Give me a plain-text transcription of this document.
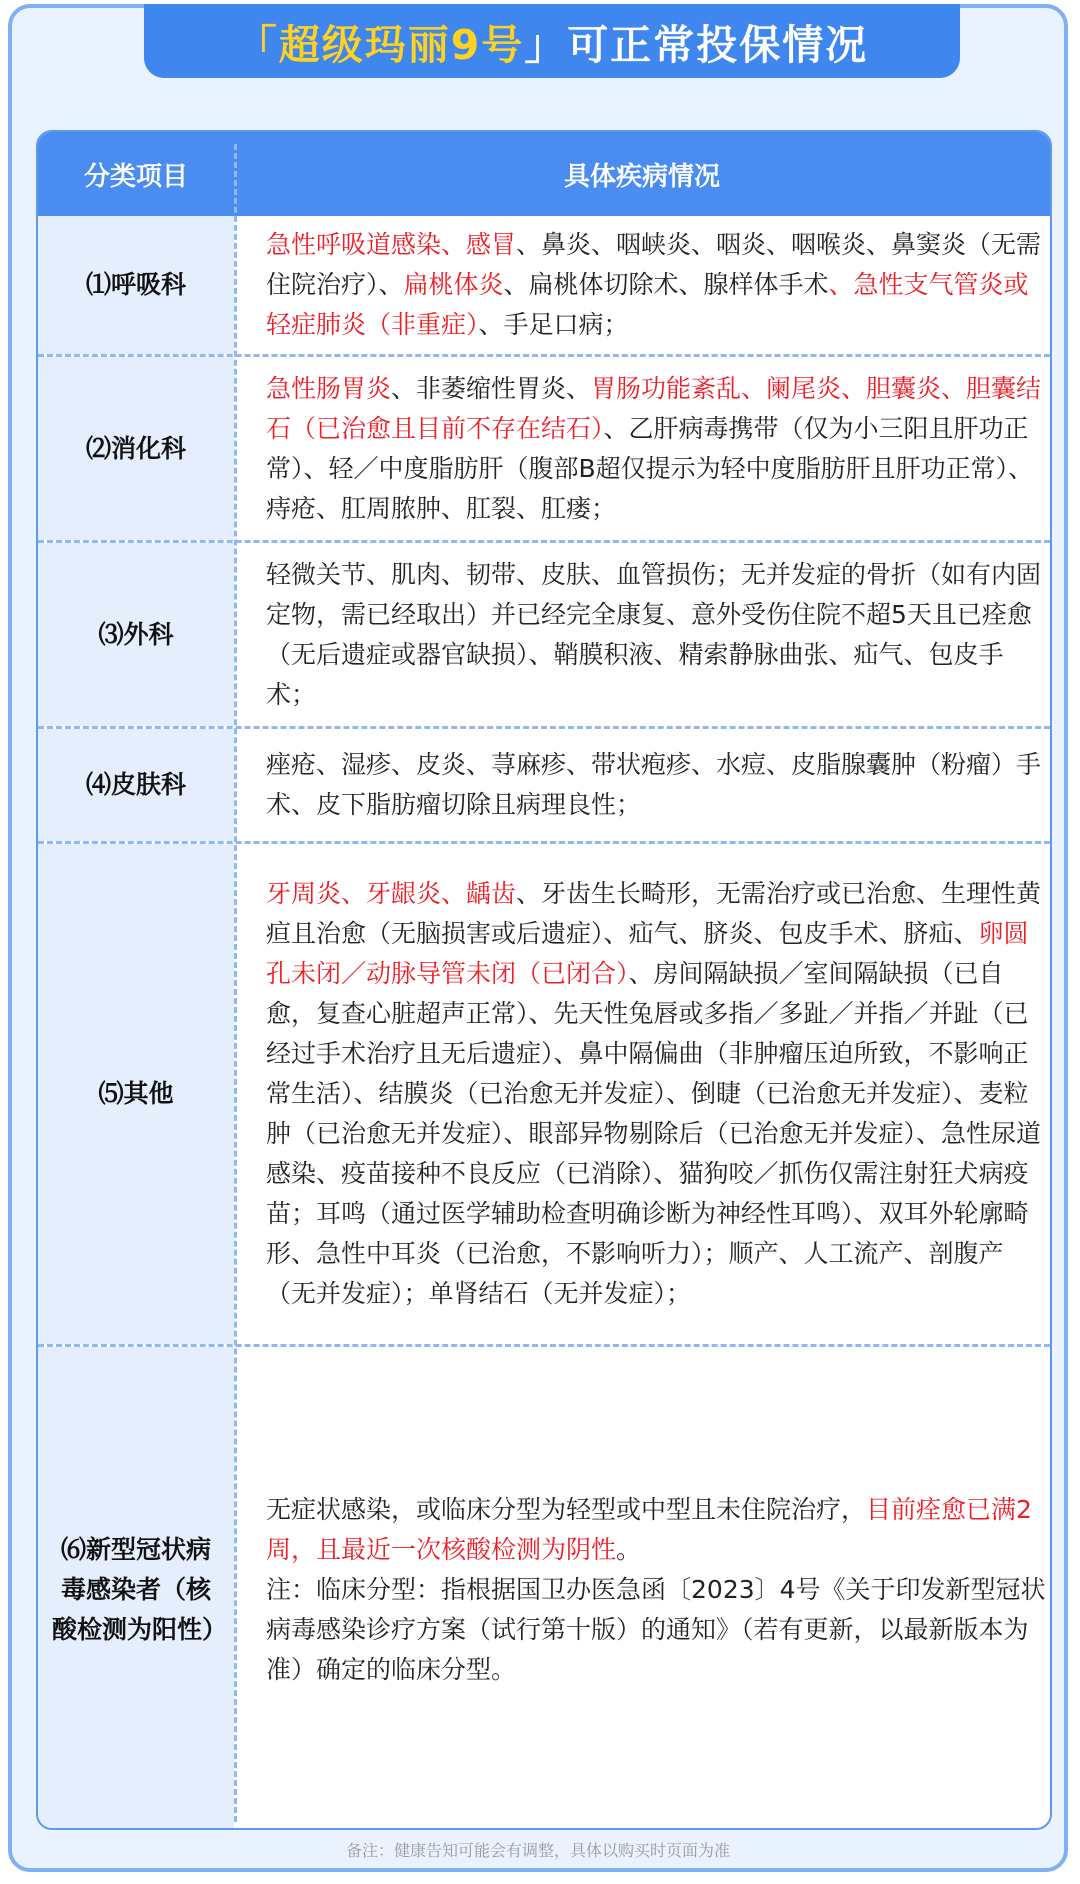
「 超级玛丽9号 」可正常投保情况
分类项目	具体疾病情况
⑴呼吸科

急性呼吸道感染、感冒、鼻炎、咽峡炎、咽炎、咽喉炎、鼻窦炎（无需住院治疗）、扁桃体炎、扁桃体切除术、腺样体手术、急性支气管炎或轻症肺炎（非重症）、手足口病；

⑵消化科

急性肠胃炎、非萎缩性胃炎、胃肠功能紊乱、阑尾炎、胆囊炎、胆囊结石（已治愈且目前不存在结石）、乙肝病毒携带（仅为小三阳且肝功正常）、轻／中度脂肪肝（腹部B超仅提示为轻中度脂肪肝且肝功正常）、痔疮、肛周脓肿、肛裂、肛瘘；

⑶外科

轻微关节、肌肉、韧带、皮肤、血管损伤；无并发症的骨折（如有内固定物，需已经取出）并已经完全康复、意外受伤住院不超5天且已痊愈（无后遗症或器官缺损）、鞘膜积液、精索静脉曲张、疝气、包皮手术；

⑷皮肤科

痤疮、湿疹、皮炎、荨麻疹、带状疱疹、水痘、皮脂腺囊肿（粉瘤）手术、皮下脂肪瘤切除且病理良性；

⑸其他

牙周炎、牙龈炎、龋齿、牙齿生长畸形，无需治疗或已治愈、生理性黄疸且治愈（无脑损害或后遗症）、疝气、脐炎、包皮手术、脐疝、卵圆孔未闭／动脉导管未闭（已闭合）、房间隔缺损／室间隔缺损（已自愈，复查心脏超声正常）、先天性兔唇或多指／多趾／并指／并趾（已经过手术治疗且无后遗症）、鼻中隔偏曲（非肿瘤压迫所致，不影响正常生活）、结膜炎（已治愈无并发症）、倒睫（已治愈无并发症）、麦粒肿（已治愈无并发症）、眼部异物剔除后（已治愈无并发症）、急性尿道感染、疫苗接种不良反应（已消除）、猫狗咬／抓伤仅需注射狂犬病疫苗；耳鸣（通过医学辅助检查明确诊断为神经性耳鸣）、双耳外轮廓畸形、急性中耳炎（已治愈，不影响听力）；顺产、人工流产、剖腹产（无并发症）；单肾结石（无并发症）；

⑹新型冠状病毒感染者（核酸检测为阳性）

无症状感染，或临床分型为轻型或中型且未住院治疗，目前痊愈已满2周，且最近一次核酸检测为阴性。

注：临床分型：指根据国卫办医急函〔2023〕4号《关于印发新型冠状病毒感染诊疗方案（试行第十版）的通知》（若有更新，以最新版本为准）确定的临床分型。

备注：健康告知可能会有调整，具体以购买时页面为准
